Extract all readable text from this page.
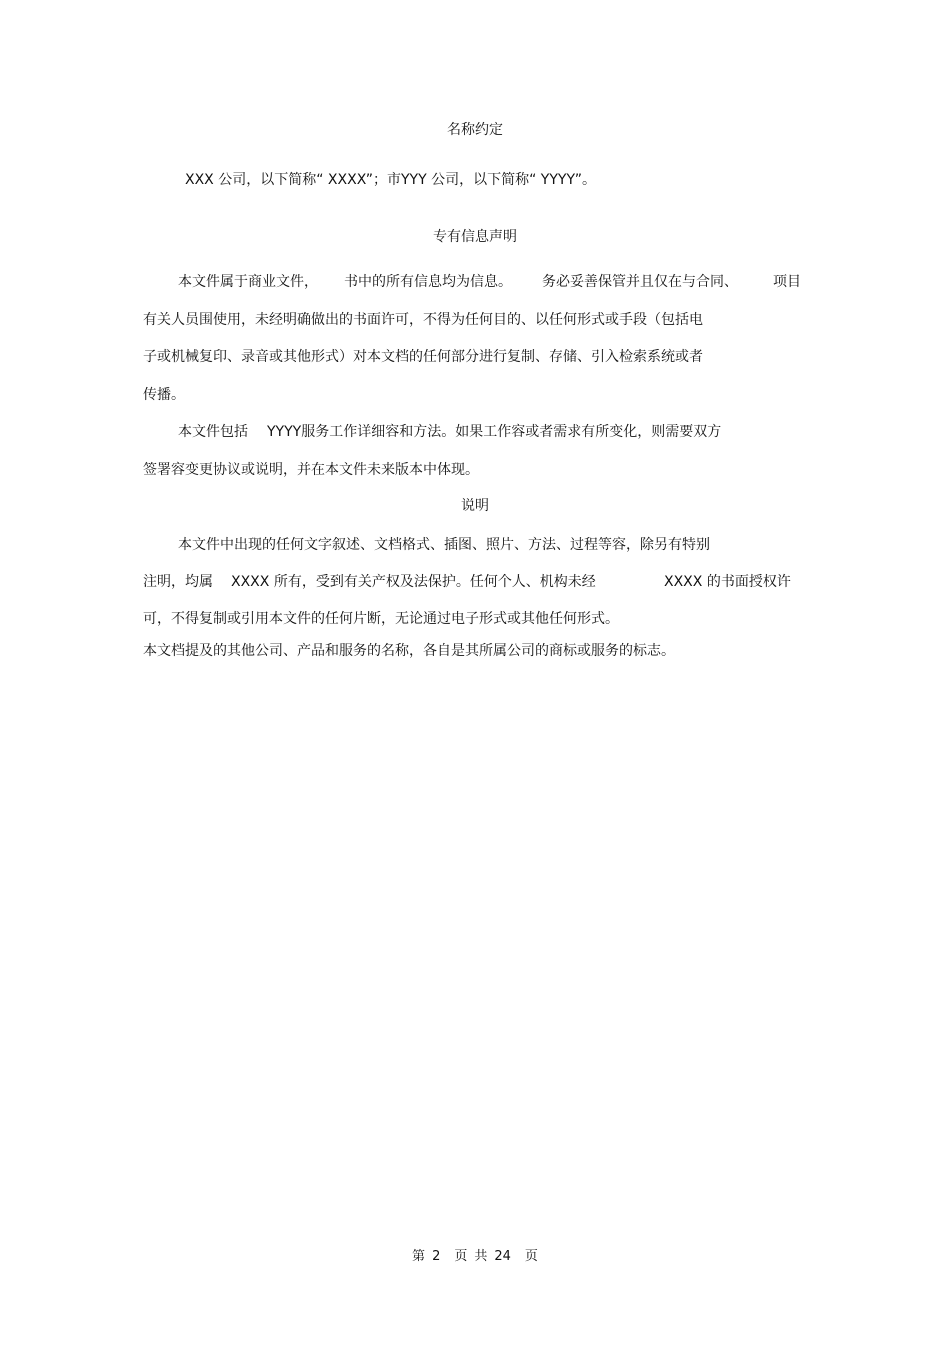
名称约定
XXX 公司，以下简称“ XXXX”；市YYY 公司，以下简称“ YYYY”。
专有信息声明
本文件属于商业文件， 书中的所有信息均为信息。 务必妥善保管并且仅在与合同、	项目
有关人员围使用，未经明确做出的书面许可，不得为任何目的、以任何形式或手段（包括电
子或机械复印、录音或其他形式）对本文档的任何部分进行复制、存储、引入检索系统或者
传播。
本文件包括 YYYY服务工作详细容和方法。如果工作容或者需求有所变化，则需要双方
签署容变更协议或说明，并在本文件未来版本中体现。
说明
本文件中出现的任何文字叙述、文档格式、插图、照片、方法、过程等容，除另有特别
注明，均属 XXXX 所有，受到有关产权及法保护。任何个人、机构未经	XXXX 的书面授权许
可，不得复制或引用本文件的任何片断，无论通过电子形式或其他任何形式。
本文档提及的其他公司、产品和服务的名称，各自是其所属公司的商标或服务的标志。
第 2 页 共 24 页
